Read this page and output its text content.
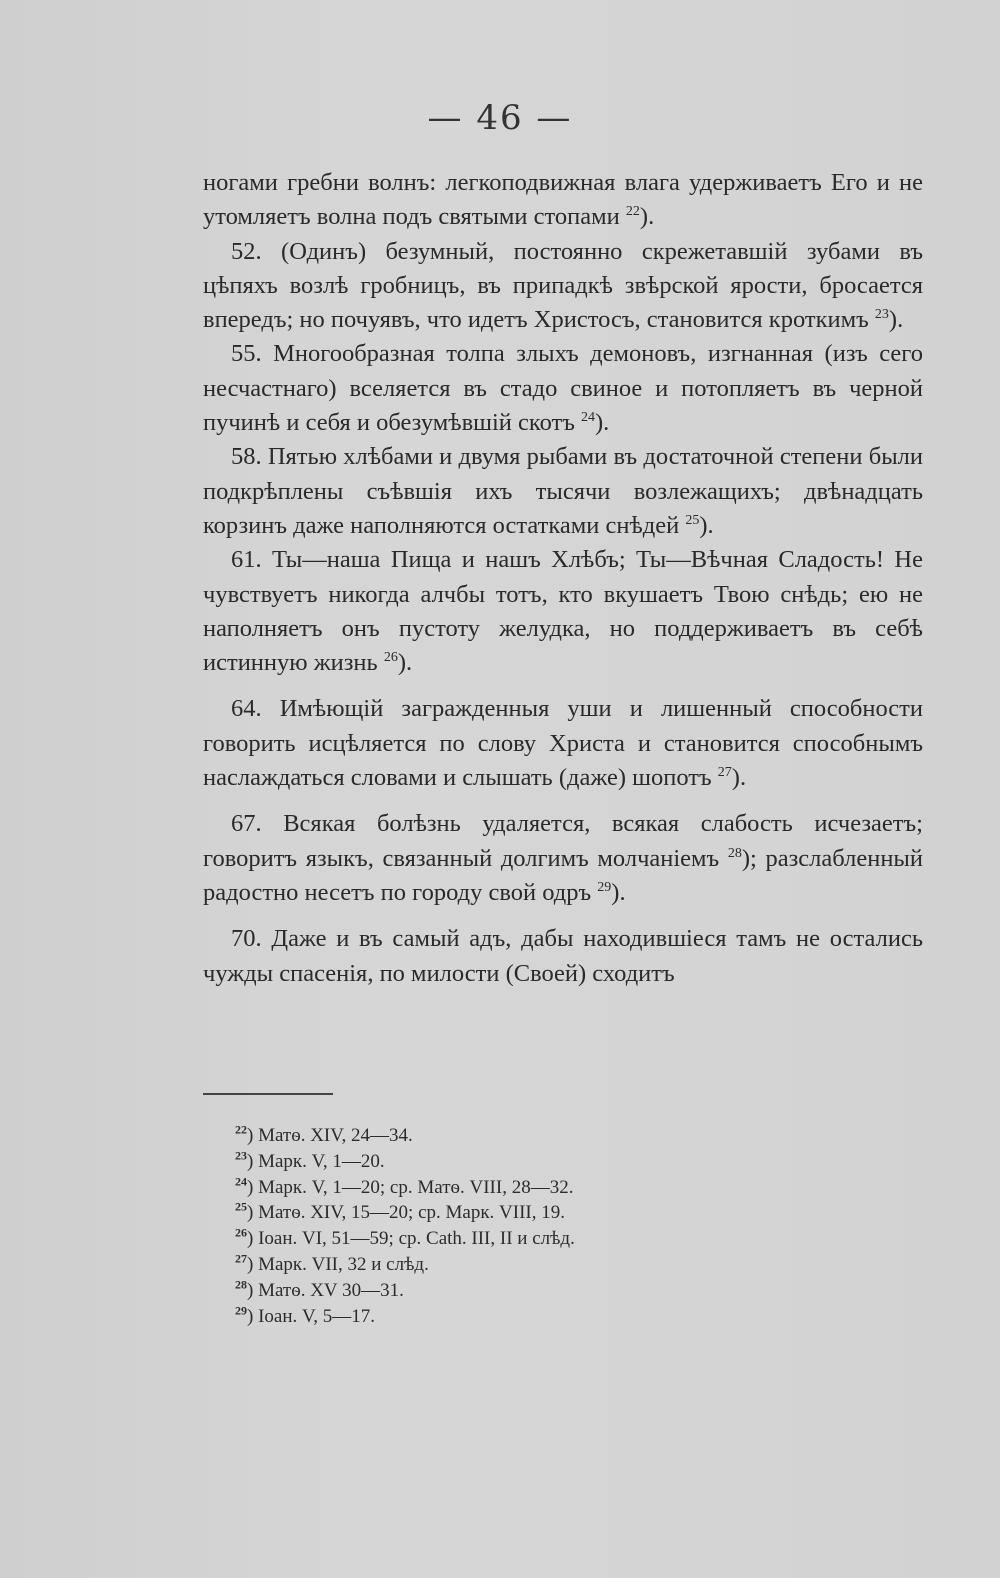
— 46 —

ногами гребни волнъ: легкоподвижная влага удерживаетъ Его и не утомляетъ волна подъ святыми стопами $^{22}$).

52. (Одинъ) безумный, постоянно скрежетавшій зубами въ цѣпяхъ возлѣ гробницъ, въ припадкѣ звѣрской ярости, бросается впередъ; но почуявъ, что идетъ Христосъ, становится кроткимъ $^{23}$).

55. Многообразная толпа злыхъ демоновъ, изгнанная (изъ сего несчастнаго) вселяется въ стадо свиное и потопляетъ въ черной пучинѣ и себя и обезумѣвшій скотъ $^{24}$).

58. Пятью хлѣбами и двумя рыбами въ достаточной степени были подкрѣплены съѣвшія ихъ тысячи возлежащихъ; двѣнадцать корзинъ даже наполняются остатками снѣдей $^{25}$).

61. Ты—наша Пища и нашъ Хлѣбъ; Ты—Вѣчная Сладость! Не чувствуетъ никогда алчбы тотъ, кто вкушаетъ Твою снѣдь; ею не наполняетъ онъ пустоту желудка, но поддерживаетъ въ себѣ истинную жизнь $^{26}$).

64. Имѣющій загражденныя уши и лишенный способности говорить исцѣляется по слову Христа и становится способнымъ наслаждаться словами и слышать (даже) шопотъ $^{27}$).

67. Всякая болѣзнь удаляется, всякая слабость исчезаетъ; говоритъ языкъ, связанный долгимъ молчаніемъ $^{28}$); разслабленный радостно несетъ по городу свой одръ $^{29}$).

70. Даже и въ самый адъ, дабы находившіеся тамъ не остались чужды спасенія, по милости (Своей) сходитъ

$^{22}$) Матѳ. XIV, 24—34.
$^{23}$) Марк. V, 1—20.
$^{24}$) Марк. V, 1—20; ср. Матѳ. VIII, 28—32.
$^{25}$) Матѳ. XIV, 15—20; ср. Марк. VIII, 19.
$^{26}$) Іоан. VI, 51—59; ср. Cath. III, II и слѣд.
$^{27}$) Марк. VII, 32 и слѣд.
$^{28}$) Матѳ. XV 30—31.
$^{29}$) Іоан. V, 5—17.
